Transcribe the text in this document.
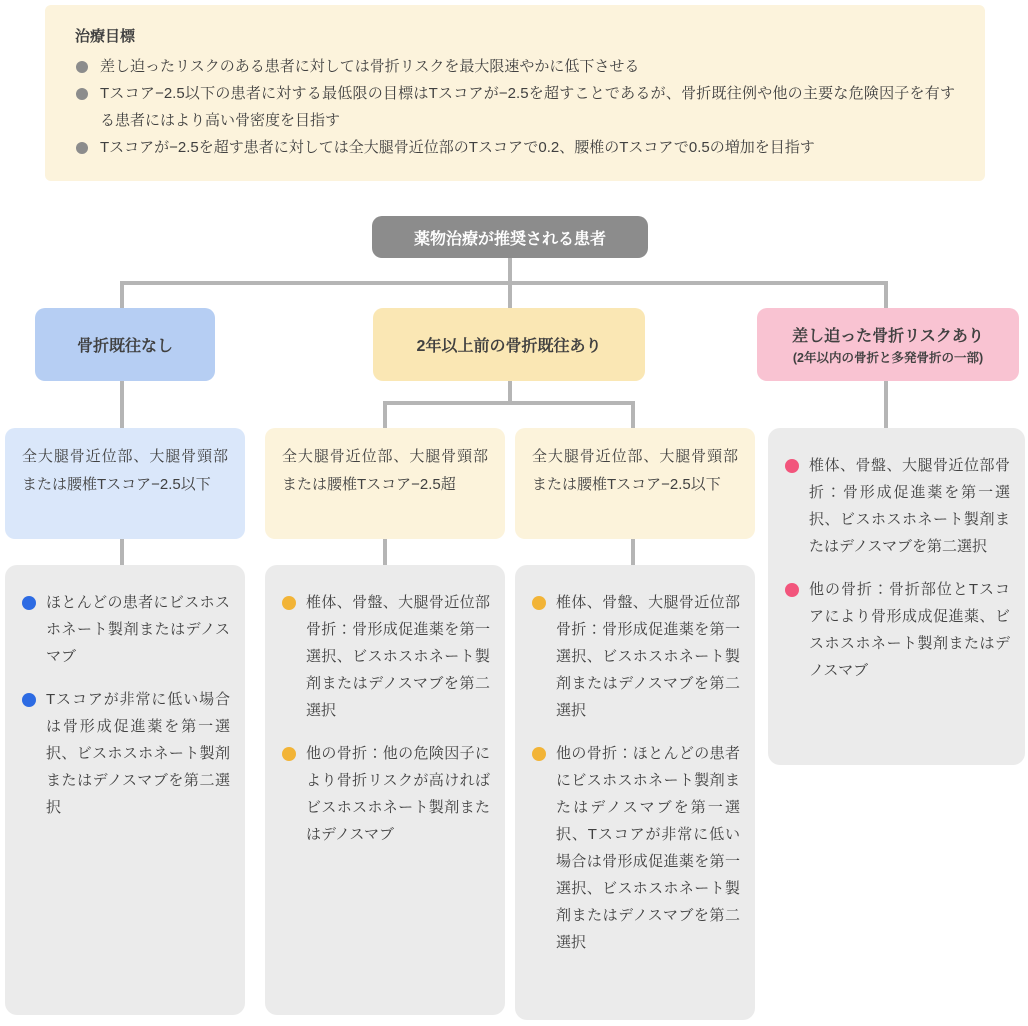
治療目標
差し迫ったリスクのある患者に対しては骨折リスクを最大限速やかに低下させる
Tスコア−2.5以下の患者に対する最低限の目標はTスコアが−2.5を超すことであるが、骨折既往例や他の主要な危険因子を有する患者にはより高い骨密度を目指す
Tスコアが−2.5を超す患者に対しては全大腿骨近位部のTスコアで0.2、腰椎のTスコアで0.5の増加を目指す
薬物治療が推奨される患者
骨折既往なし	2年以上前の骨折既往あり
差し迫った骨折リスクあり
(2年以内の骨折と多発骨折の一部)
全大腿骨近位部、大腿骨頸部または腰椎Tスコア−2.5以下
全大腿骨近位部、大腿骨頸部または腰椎Tスコア−2.5超
全大腿骨近位部、大腿骨頸部または腰椎Tスコア−2.5以下
ほとんどの患者にビスホスホネート製剤またはデノスマブ
Tスコアが非常に低い場合は骨形成促進薬を第一選択、ビスホスホネート製剤またはデノスマブを第二選択
椎体、骨盤、大腿骨近位部骨折：骨形成促進薬を第一選択、ビスホスホネート製剤またはデノスマブを第二選択
他の骨折：他の危険因子により骨折リスクが高ければビスホスホネート製剤またはデノスマブ
椎体、骨盤、大腿骨近位部骨折：骨形成促進薬を第一選択、ビスホスホネート製剤またはデノスマブを第二選択
他の骨折：ほとんどの患者にビスホスホネート製剤またはデノスマブを第一選択、Tスコアが非常に低い場合は骨形成促進薬を第一選択、ビスホスホネート製剤またはデノスマブを第二選択
椎体、骨盤、大腿骨近位部骨折：骨形成促進薬を第一選択、ビスホスホネート製剤またはデノスマブを第二選択
他の骨折：骨折部位とTスコアにより骨形成成促進薬、ビスホスホネート製剤またはデノスマブ
